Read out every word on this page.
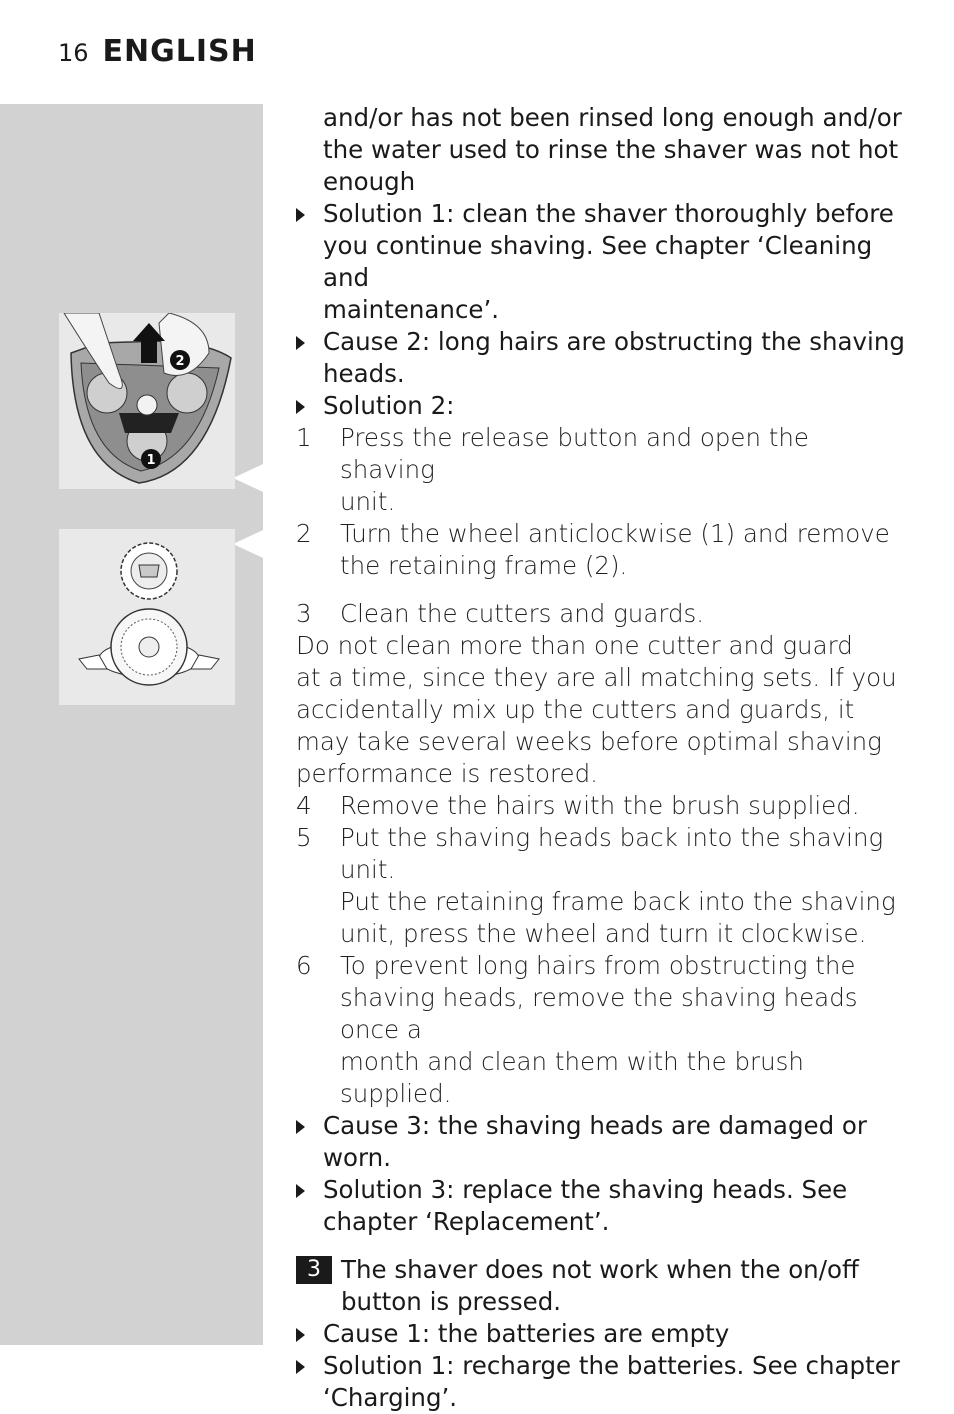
16 ENGLISH
2
1
and/or has not been rinsed long enough and/or
the water used to rinse the shaver was not hot
enough
Solution 1: clean the shaver thoroughly before
you continue shaving. See chapter ‘Cleaning and
maintenance’.
Cause 2: long hairs are obstructing the shaving
heads.
Solution 2:
1	Press the release button and open the shaving
unit.
2	Turn the wheel anticlockwise (1) and remove
the retaining frame (2).
3	Clean the cutters and guards.
Do not clean more than one cutter and guard
at a time, since they are all matching sets. If you
accidentally mix up the cutters and guards, it
may take several weeks before optimal shaving
performance is restored.
4	Remove the hairs with the brush supplied.
5	Put the shaving heads back into the shaving unit.
Put the retaining frame back into the shaving
unit, press the wheel and turn it clockwise.
6	To prevent long hairs from obstructing the
shaving heads, remove the shaving heads once a
month and clean them with the brush supplied.
Cause 3: the shaving heads are damaged or worn.
Solution 3: replace the shaving heads. See
chapter ‘Replacement’.
3 The shaver does not work when the on/off
button is pressed.
Cause 1: the batteries are empty
Solution 1: recharge the batteries. See chapter
‘Charging’.
